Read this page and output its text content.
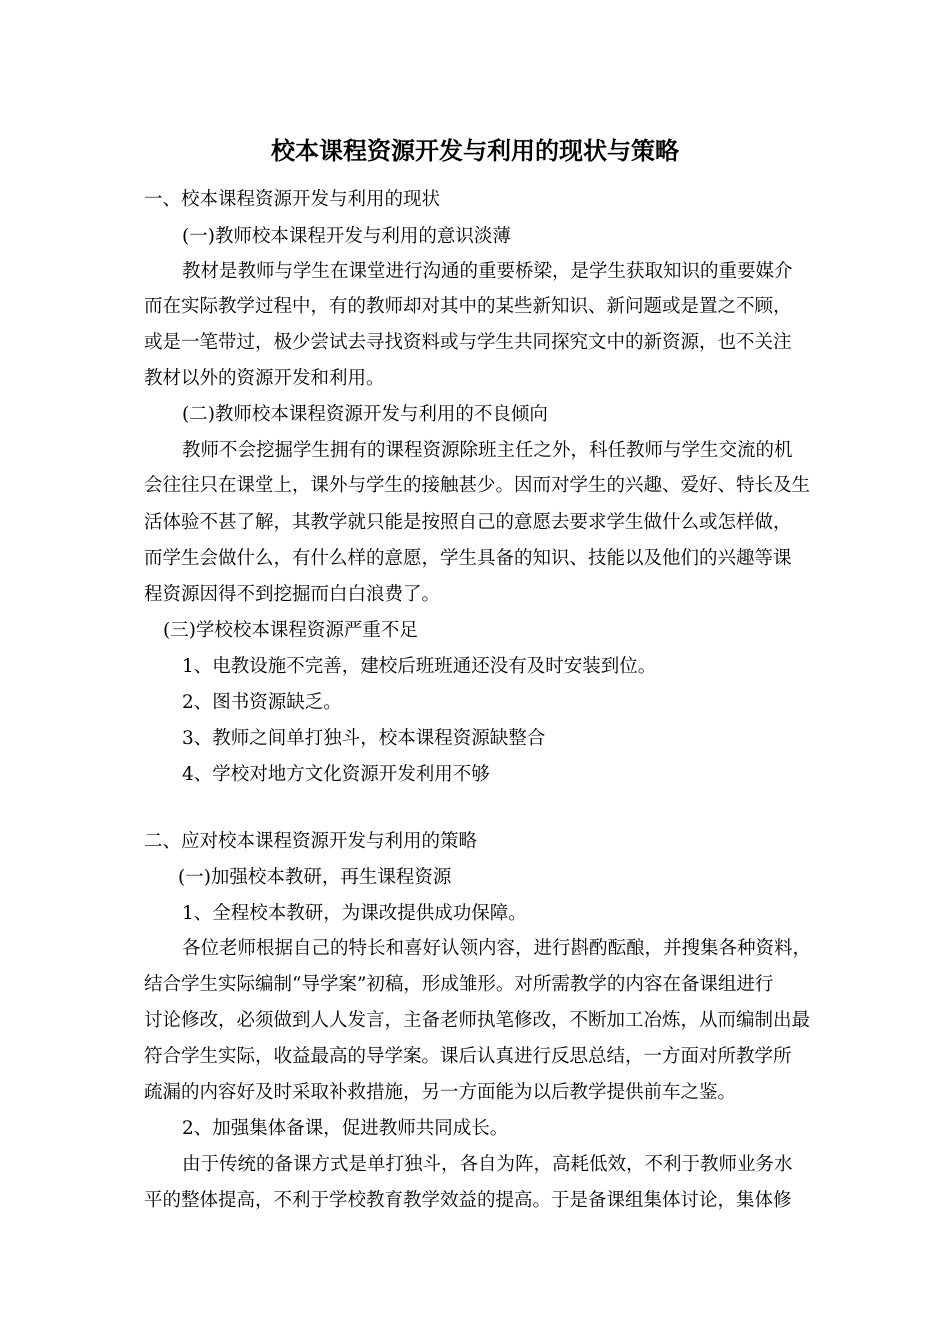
校本课程资源开发与利用的现状与策略
一、校本课程资源开发与利用的现状
(一)教师校本课程开发与利用的意识淡薄
教材是教师与学生在课堂进行沟通的重要桥梁，是学生获取知识的重要媒介
而在实际教学过程中，有的教师却对其中的某些新知识、新问题或是置之不顾，
或是一笔带过，极少尝试去寻找资料或与学生共同探究文中的新资源，也不关注
教材以外的资源开发和利用。
(二)教师校本课程资源开发与利用的不良倾向
教师不会挖掘学生拥有的课程资源除班主任之外，科任教师与学生交流的机
会往往只在课堂上，课外与学生的接触甚少。因而对学生的兴趣、爱好、特长及生
活体验不甚了解，其教学就只能是按照自己的意愿去要求学生做什么或怎样做，
而学生会做什么，有什么样的意愿，学生具备的知识、技能以及他们的兴趣等课
程资源因得不到挖掘而白白浪费了。
(三)学校校本课程资源严重不足
1、电教设施不完善，建校后班班通还没有及时安装到位。
2、图书资源缺乏。
3、教师之间单打独斗，校本课程资源缺整合
4、学校对地方文化资源开发利用不够
二、应对校本课程资源开发与利用的策略
(一)加强校本教研，再生课程资源
1、全程校本教研，为课改提供成功保障。
各位老师根据自己的特长和喜好认领内容，进行斟酌酝酿，并搜集各种资料，
结合学生实际编制“导学案”初稿，形成雏形。对所需教学的内容在备课组进行
讨论修改，必须做到人人发言，主备老师执笔修改，不断加工冶炼，从而编制出最
符合学生实际，收益最高的导学案。课后认真进行反思总结，一方面对所教学所
疏漏的内容好及时采取补救措施，另一方面能为以后教学提供前车之鉴。
2、加强集体备课，促进教师共同成长。
由于传统的备课方式是单打独斗，各自为阵，高耗低效，不利于教师业务水
平的整体提高，不利于学校教育教学效益的提高。于是备课组集体讨论，集体修
